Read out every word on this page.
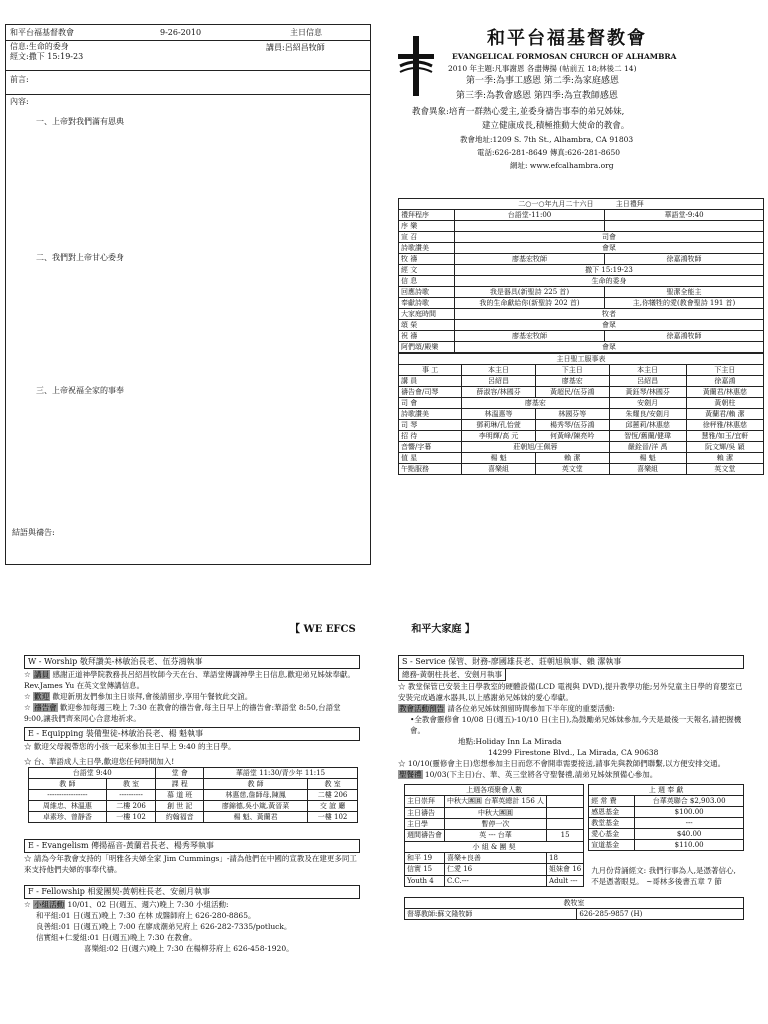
和平台福基督教會	9-26-2010	主日信息
信息:生命的委身
經文:撒下 15:19-23
講員:呂紹昌牧師
前言:
內容:
一、上帝對我們滿有恩典
二、我們對上帝甘心委身
三、上帝祝福全家的事奉
結語與禱告:
和平台福基督教會
EVANGELICAL FORMOSAN CHURCH OF ALHAMBRA
2010 年主題:凡事謝恩 各盡傳揚 (帖前五 18;林後二 14)
第一季:為事工感恩 第二季:為家庭感恩
第三季:為教會感恩 第四季:為宣教師感恩
教會異象:培育一群熱心愛主,並委身禱告事奉的弟兄姊妹,
建立健康成長,積極推動大使命的教會。
教會地址:1209 S. 7th St., Alhambra, CA 91803
電話:626-281-8649 傳真:626-281-8650
網址: www.efcalhambra.org
二○一○年九月二十六日 主日禮拜		
禮拜程序	台語堂-11:00	華語堂-9:40
序 樂		
宣 召	司會	
詩歌讚美	會眾	
牧 禱	廖基宏牧師	徐嘉鴻牧師
經 文	撒下 15:19-23	
信 息	生命的委身	
回應詩歌	我是器具(新聖詩 225 首)	聖潔全能主
奉獻詩歌	我的生命獻給你(新聖詩 202 首)	主,你犧牲的愛(教會聖詩 191 首)
大家庭時間	牧者	
頌 榮	會眾	
祝 禱	廖基宏牧師	徐嘉鴻牧師
阿們頌/殿樂	會眾	
主日聖工服事表				
事 工	本主日	下主日	本主日	下主日
講 員	呂紹昌	廖基宏	呂紹昌	徐嘉鴻
禱告會/司琴	薛淑容/林國芬	黃超民/伍芬鴻	黃鈺琴/林國芬	黃蘭君/林惠慈
司 會	廖基宏		安劍月	黃朝柱
詩歌讚美	林溫惠等	林國芬等	朱耀良/安劍月	黃蘭君/賴 潔
司 琴	鄧莉琳/孔怡萱	楊秀琴/伍芬鴻	邱蕙莉/林惠慈	徐秤雅/林惠慈
招 待	李明輝/高 元	何黃峰/陳亮吟	智恆/舊蘭/健瑋	慧雅/如玉/宜軒
音響/字幕	莊朝旭/王佩蓉		嚴銓晉/洋 禹	阮文輝/吳 穎
值 星	楊 魁	賴 潔	楊 魁	賴 潔
午點服務	喜樂組	英文堂	喜樂組	英文堂
【 WE EFCS	和平大家庭 】
W - Worship 敬拜讚美-林敏治長老、伍芬鴻執事
☆ 講員 感謝正道神學院教務長呂紹昌牧師今天在台、華語堂傳講神學主日信息,歡迎弟兄姊妹奉獻。Rev.James Yu 在英文堂傳講信息。
☆ 歡迎 歡迎新朋友們參加主日崇拜,會後請留步,享用午餐彼此交誼。
☆ 禱告會 歡迎參加每週三晚上 7:30 在教會的禱告會,每主日早上的禱告會:華語堂 8:50,台語堂 9:00,讓我們齊來同心合意地祈求。
E - Equipping 裝備聖徒-林敏治長老、楊 魁執事
☆ 歡迎父母親帶您的小孩一起來參加主日早上 9:40 的主日學。
☆ 台、華語成人主日學,歡迎您任何時間加入!
台語堂 9:40		堂 會	華語堂 11:30/青少年 11:15	
教 師	教 室	課 程	教 師	教 室
-----------------	----------	慕 道 班	林惠慈,詹師母,陳鳳	二樓 206
周維忠、林溫惠	二樓 206	創 世 記	廖錦德,吳小箴,黃晉菜	交 誼 廳
卓素珍、曾靜香	一樓 102	約翰福音	楊 魁、黃蘭君	一樓 102
E - Evangelism 傳揚福音-黃蘭君長老、楊秀琴執事
☆ 請為今年教會支持的「明雅各夫婦全家 Jim Cummings」-請為他們在中國的宣教及在建更多同工來支持他們夫婦的事奉代禱。
F - Fellowship 相愛團契-黃朝柱長老、安劍月執事
☆ 小組活動 10/01、02 日(週五、週六)晚上 7:30 小組活動:
和平組:01 日(週五)晚上 7:30 在林 成醫師府上 626-280-8865。
良善組:01 日(週五)晚上 7:00 在廖成潮弟兄府上 626-282-7335/potluck。
信實組+仁愛組:01 日(週五)晚上 7:30 在教會。
喜樂組:02 日(週六)晚上 7:30 在楊柳芬府上 626-458-1920。
S - Service 保管、財務-廖國雄長老、莊朝旭執事、賴 潔執事
總務-黃朝柱長老、安劍月執事
☆ 教堂保管已安裝主日學教室的硬體設備(LCD 電視與 DVD),提升教學功能;另外兒童主日學的育嬰室已安裝完成過濾水器具,以上感謝弟兄姊妹的愛心奉獻。
教會活動預告 請各位弟兄姊妹預留時間參加下半年度的重要活動:
•全教會靈修會 10/08 日(週五)-10/10 日(主日),為鼓勵弟兄姊妹參加,今天是最後一天報名,請把握機會。
地點:Holiday Inn La Mirada
14299 Firestone Blvd., La Mirada, CA 90638
☆ 10/10(靈修會主日)您想參加主日而您不會開車需要接送,請事先與教師們聯繫,以方便安排交通。
聖餐禮 10/03(下主日)台、華、英三堂將各守聖餐禮,請弟兄姊妹預備心參加。
上週各項聚會人數		
主日崇拜	中秋大團圓 台華英總計 156 人	
主日禱告	中秋大團圓	
主日學	暫停一次	
週間禱告會	英 --- 台華	15
小 組 & 團 契		
和平 19	喜樂+良善	18
信實 15	仁愛 16	姐妹會 16
Youth 4	C.C.---	Adult ---
上 週 奉 獻	
經 常 費	台華英聯合 $2,903.00
感恩基金	$100.00
教堂基金	---
愛心基金	$40.00
宣道基金	$110.00
九月份背誦經文: 我們行事為人,是憑著信心,不是憑著眼見。 ~哥林多後書五章 7 節
教牧室
督導教師:蘇文隆牧師	626-285-9857 (H)
